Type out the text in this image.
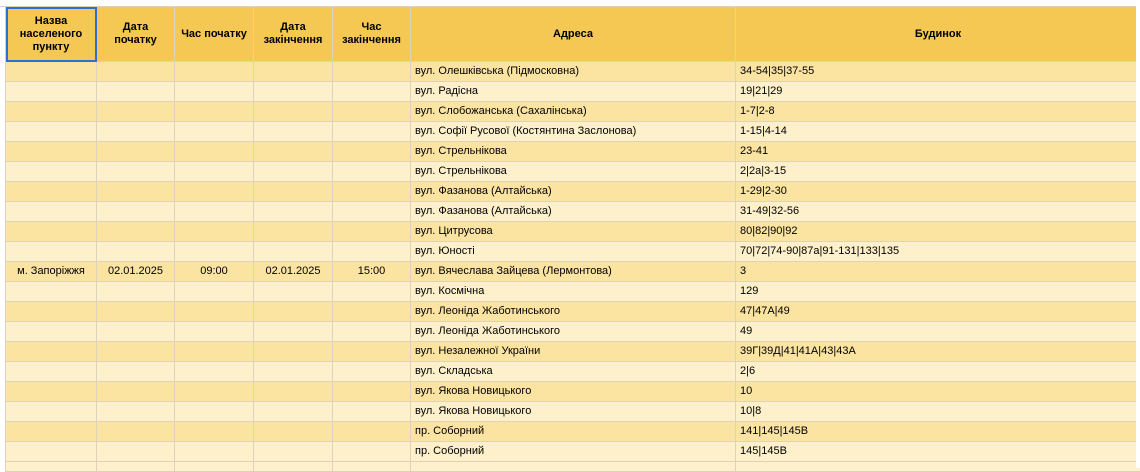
Назва населеного пункту	Дата початку	Час початку	Дата закінчення	Час закінчення	Адреса	Будинок
					вул. Олешківська (Підмосковна)	34-54|35|37-55
					вул. Радісна	19|21|29
					вул. Слобожанська (Сахалінська)	1-7|2-8
					вул. Софії Русової (Костянтина Заслонова)	1-15|4-14
					вул. Стрельнікова	23-41
					вул. Стрельнікова	2|2а|3-15
					вул. Фазанова (Алтайська)	1-29|2-30
					вул. Фазанова (Алтайська)	31-49|32-56
					вул. Цитрусова	80|82|90|92
					вул. Юності	70|72|74-90|87а|91-131|133|135
м. Запоріжжя	02.01.2025	09:00	02.01.2025	15:00	вул. Вячеслава Зайцева (Лермонтова)	3
					вул. Космічна	129
					вул. Леоніда Жаботинського	47|47А|49
					вул. Леоніда Жаботинського	49
					вул. Незалежної України	39Г|39Д|41|41А|43|43А
					вул. Складська	2|6
					вул. Якова Новицького	10
					вул. Якова Новицького	10|8
					пр. Соборний	141|145|145В
					пр. Соборний	145|145В
